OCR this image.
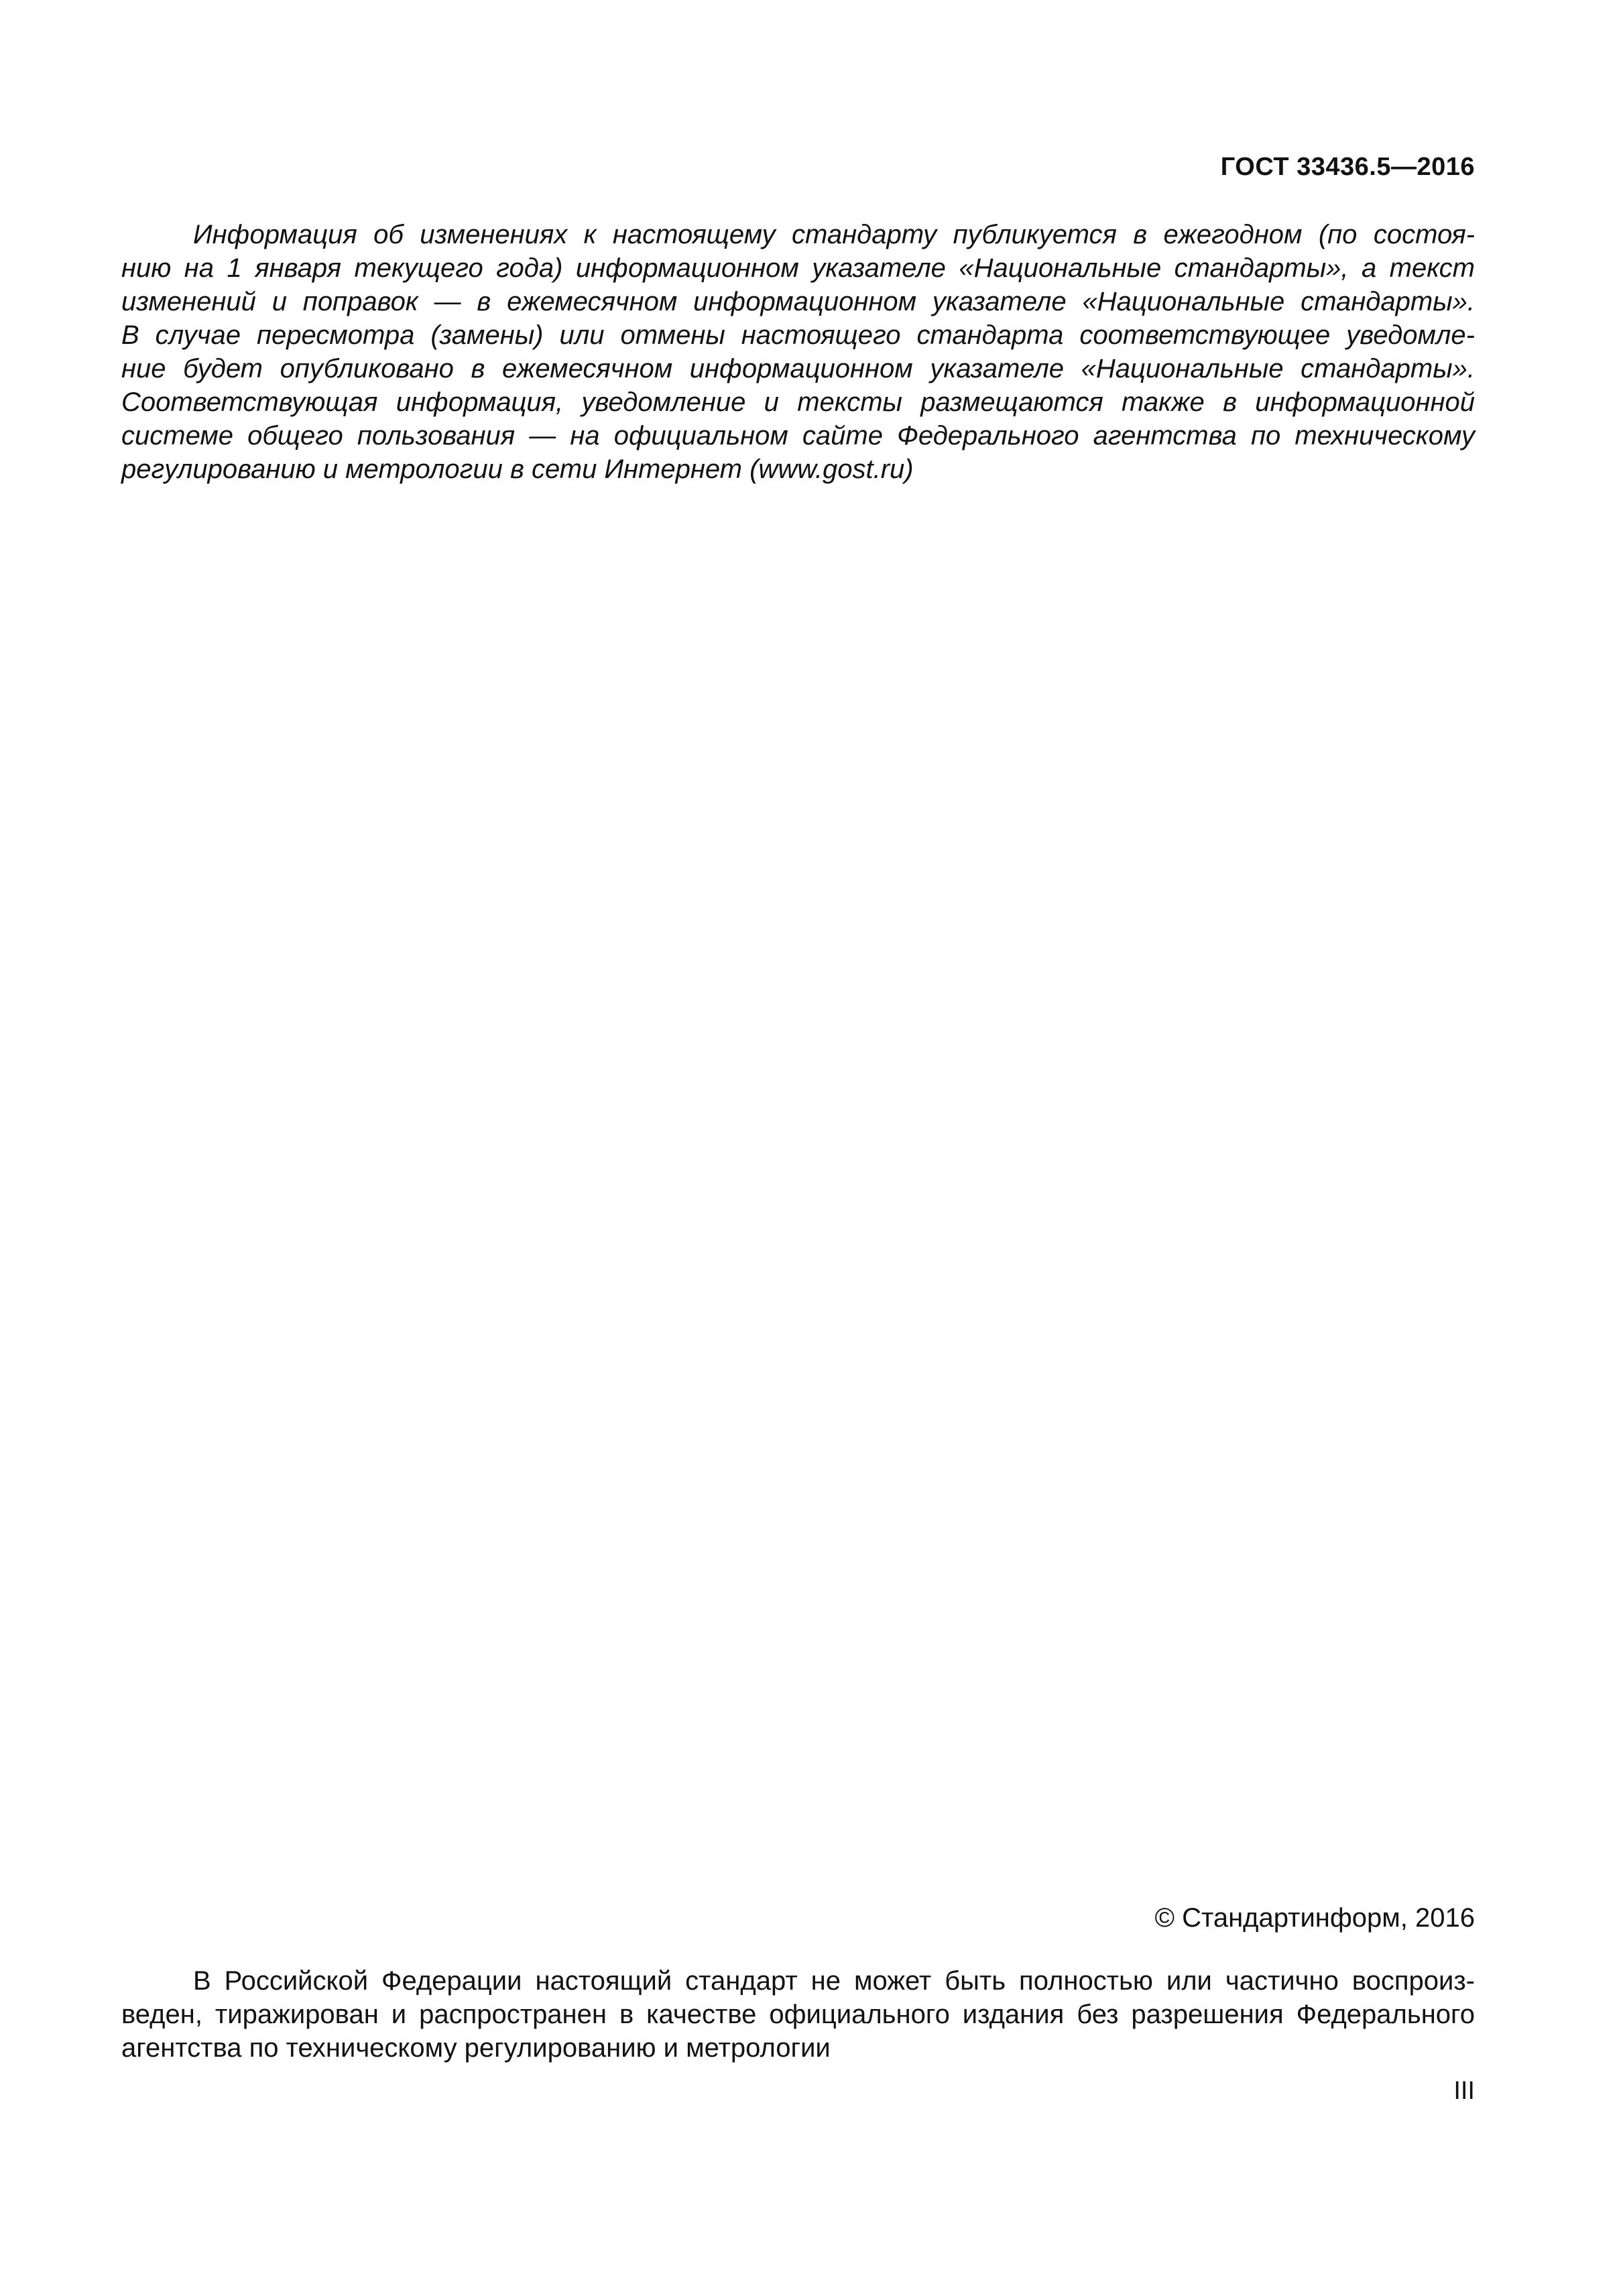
ГОСТ 33436.5—2016
Информация об изменениях к настоящему стандарту публикуется в ежегодном (по состоя-
нию на 1 января текущего года) информационном указателе «Национальные стандарты», а текст
изменений и поправок — в ежемесячном информационном указателе «Национальные стандарты».
В случае пересмотра (замены) или отмены настоящего стандарта соответствующее уведомле-
ние будет опубликовано в ежемесячном информационном указателе «Национальные стандарты».
Соответствующая информация, уведомление и тексты размещаются также в информационной
системе общего пользования — на официальном сайте Федерального агентства по техническому
регулированию и метрологии в сети Интернет (www.gost.ru)
© Стандартинформ, 2016
В Российской Федерации настоящий стандарт не может быть полностью или частично воспроиз-
веден, тиражирован и распространен в качестве официального издания без разрешения Федерального
агентства по техническому регулированию и метрологии
III
